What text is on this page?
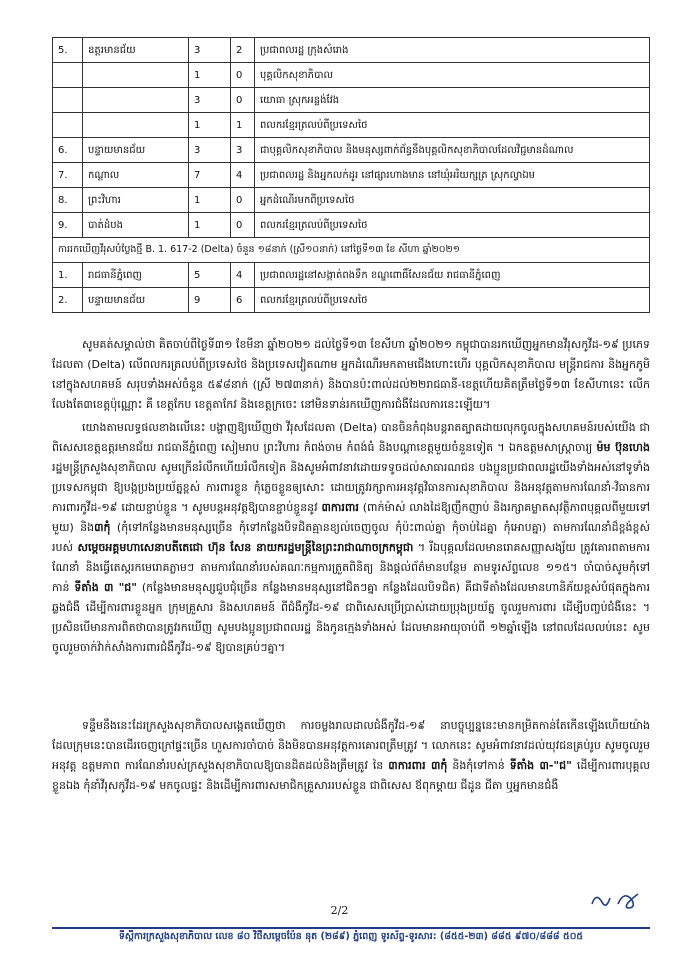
5.	ឧត្តរមានជ័យ	3	2	ប្រជាពលរដ្ឋ ក្រុងសំរោង
		1	0	បុគ្គលិកសុខាភិបាល
		3	0	យោធា ស្រុកអន្លង់វែង
		1	1	ពលករខ្មែរត្រលប់ពីប្រទេសថៃ
6.	បន្ទាយមានជ័យ	3	3	ជាបុគ្គលិកសុខាភិបាល និងមនុស្សពាក់ព័ន្ធនឹងបុគ្គលិកសុខាភិបាលដែលវិជ្ជមានដំណាល
7.	កណ្តាល	7	4	ប្រជាពលរដ្ឋ និងអ្នកលក់ដូរ នៅផ្សារហាងមាន នៅឃុំអរិយក្សត្រ ស្រុកល្វាឯម
8.	ព្រះវិហារ	1	0	អ្នកដំណើរមកពីប្រទេសថៃ
9.	បាត់ដំបង	1	0	ពលករខ្មែរត្រលប់ពីប្រទេសថៃ
ការរកឃើញវីរុសបំប្លែងថ្មី B. 1. 617-2 (Delta) ចំនួន ១៨នាក់ (ស្រី១០នាក់) នៅថ្ងៃទី១៣ ខែ សីហា ឆ្នាំ២០២១				
1.	រាជធានីភ្នំពេញ	5	4	ប្រជាពលរដ្ឋនៅសង្កាត់ពងទឹក ខណ្ឌពោធិ៍សែនជ័យ រាជធានីភ្នំពេញ
2.	បន្ទាយមានជ័យ	9	6	ពលករខ្មែរត្រលប់ពីប្រទេសថៃ
សូមគត់សម្គាល់ថា គិតចាប់ពីថ្ងៃទី៣១ ខែមីនា ឆ្នាំ២០២១ ដល់ថ្ងៃទី១៣ ខែសីហា ឆ្នាំ២០២១ កម្ពុជាបានរកឃើញអ្នកមានវីរុសកូវីដ-១៩ ប្រភេទ ដែលតា (Delta) លើពលករត្រលប់ពីប្រទេសថៃ និងប្រទេសវៀតណាម អ្នកដំណើរមកតាមជើងហោះហើរ បុគ្គលិកសុខាភិបាល មន្ត្រីរាជការ និងអ្នកភូមិនៅក្នុងសហគមន៍ សរុបទាំងអស់ចំនួន ៥៩៨នាក់ (ស្រី ២៧៣នាក់) និងបានប៉ះពាល់ដល់២២រាជធានី-ខេត្តហើយគិតត្រឹមថ្ងៃទី១៣ ខែសីហានេះ លើកលែងតែ៣ខេត្តប៉ុណ្ណោះ គឺ ខេត្តកែប ខេត្តតាកែវ និងខេត្តក្រចេះ នៅមិនទាន់រកឃើញការជំងឺដែលការនេះឡើយ។
យោងតាមលទ្ធផលខាងលើនេះ បង្ហាញឱ្យឃើញថា វីរុសដែលតា (Delta) បានចិនកំពុងបន្តរាតត្បាតដាយលុកចូលក្នុងសហគមន៍របស់យើង ជាពិសេសខេត្តឧត្តរមានជ័យ រាជធានីភ្នំពេញ សៀមរាប ព្រះវិហារ កំពង់ចាម កំពង់ធំ និងបណ្តាខេត្តមួយចំនួនទៀត ។ ឯកឧត្តមសាស្ត្រាចារ្យ ម៉ម ប៊ុនហេង រដ្ឋមន្ត្រីក្រសួងសុខាភិបាល សូមក្រើនរំលឹកហើយរំលឹកទៀត និងសូមអំពាវនាវដោយទទូចដល់សាធារណជន បងប្អូនប្រជាពលរដ្ឋយើងទាំងអស់នៅទូទាំងប្រទេសកម្ពុជា ឱ្យបង្កប្រងប្រយ័ត្នខ្ពស់ ការពារខ្លួន កុំភ្លេចខ្លួនឲ្យសោះ ដោយត្រូវរក្សាការអនុវត្តវិធានការសុខាភិបាល និងអនុវត្តតាមការណែនាំ-វិធានការការពារកូវីដ-១៩ ដោយខ្ជាប់ខ្ជួន ។ សូមបន្តអនុវត្តឱ្យបានខ្ជាប់ខ្ជួននូវ ៣ការពារ (ពាក់ម៉ាស់ លាងដៃឱ្យញឹកញាប់ និងរក្សាគម្លាតសុវត្ថិភាពបុគ្គលពីមួយទៅមួយ) និង៣កុំ (កុំទៅកន្លែងមានមនុស្សច្រើន កុំទៅកន្លែងបិទជិតគ្មានខ្យល់ចេញចូល កុំប៉ះពាល់គ្នា កុំចាប់ដៃគ្នា កុំអោបគ្នា) តាមការណែនាំដ៏ខ្ពង់ខ្ពស់របស់ សម្តេចអគ្គមហាសេនាបតីតេជោ ហ៊ុន សែន នាយករដ្ឋមន្ត្រីនៃព្រះរាជាណាចក្រកម្ពុជា ។ រីឯបុគ្គលដែលមានរោគសញ្ញាសង្ស័យ ត្រូវគោរពតាមការណែនាំ និងធ្វើតេស្តរកមេរោគភ្លាមៗ តាមការណែនាំរបស់គណៈកម្មការត្រួតពិនិត្យ និងផ្តល់ព័ត៌មានបន្ថែម តាមទូរស័ព្ទលេខ ១១៥។ ចាំបាច់សូមកុំទៅកាន់ ទីតាំង ៣ "ជ" (កន្លែងមានមនុស្សជួបជុំច្រើន កន្លែងមានមនុស្សនៅជិតៗគ្នា កន្លែងដែលបិទជិត) គឺជាទីតាំងដែលមានហានិភ័យខ្ពស់បំផុតក្នុងការឆ្លងជំងឺ ដើម្បីការពារខ្លួនអ្នក ក្រុមគ្រួសារ និងសហគមន៍ ពីជំងឺកូវីដ-១៩ ជាពិសេសប្រើប្រាស់ដោយប្រុងប្រយ័ត្ន ចូលរួមការពារ ដើម្បីបញ្ចប់ជំងឺនេះ ។ ប្រសិនបើមានការពិតថាបានត្រូវរកឃើញ សូមបងប្អូនប្រជាពលរដ្ឋ និងកូនក្មេងទាំងអស់ ដែលមានអាយុចាប់ពី ១២ឆ្នាំឡើង នៅពលដែលលប់នេះ សូមចូលរួមចាក់វ៉ាក់សាំងការពារជំងឺកូវីដ-១៩ ឱ្យបានគ្រប់ៗគ្នា។
ទន្ទឹមនឹងនេះដែរក្រសួងសុខាភិបាលសង្កេតឃើញថា ការចម្លងរាលដាលជំងឺកូវីដ-១៩ នាបច្ចុប្បន្ននេះមានកម្រិតកាន់តែកើនឡើងហើយយ៉ាង ដែលក្រុមនេះបានដើរចេញក្រៅផ្ទះច្រើន ហួសការចាំបាច់ និងមិនបានអនុវត្តការគោរពត្រឹមត្រូវ ។ លោកនេះ សូមអំពាវនាវដល់យុវជនគ្រប់រូប សូមចូលរួមអនុវត្ត ឧត្តមភាព ការណែនាំរបស់ក្រសួងសុខាភិបាលឱ្យបានដិតដល់និងត្រឹមត្រូវ នៃ ៣ការពារ ៣កុំ និងកុំទៅកាន់ ទីតាំង ៣-"ជ" ដើម្បីការពារបុគ្គលខ្លួនឯង កុំនាំវីរុសកូវីដ-១៩ មកចូលផ្ទះ និងដើម្បីការពារសមាជិកគ្រួសាររបស់ខ្លួន ជាពិសេស ឪពុកម្តាយ ជីដូន ជីតា ឬអ្នកមានជំងឺ
2/2
ទីស្តីការក្រសួងសុខាភិបាល លេខ ៨០ វិថីសម្តេចប៉ែន នុត (២៨៩) ភ្នំពេញ ទូរស័ព្ទ-ទូរសារ: (៨៥៥-២៣) ៨៨៥ ៩៧០/៨៨៨ ៥០៥
